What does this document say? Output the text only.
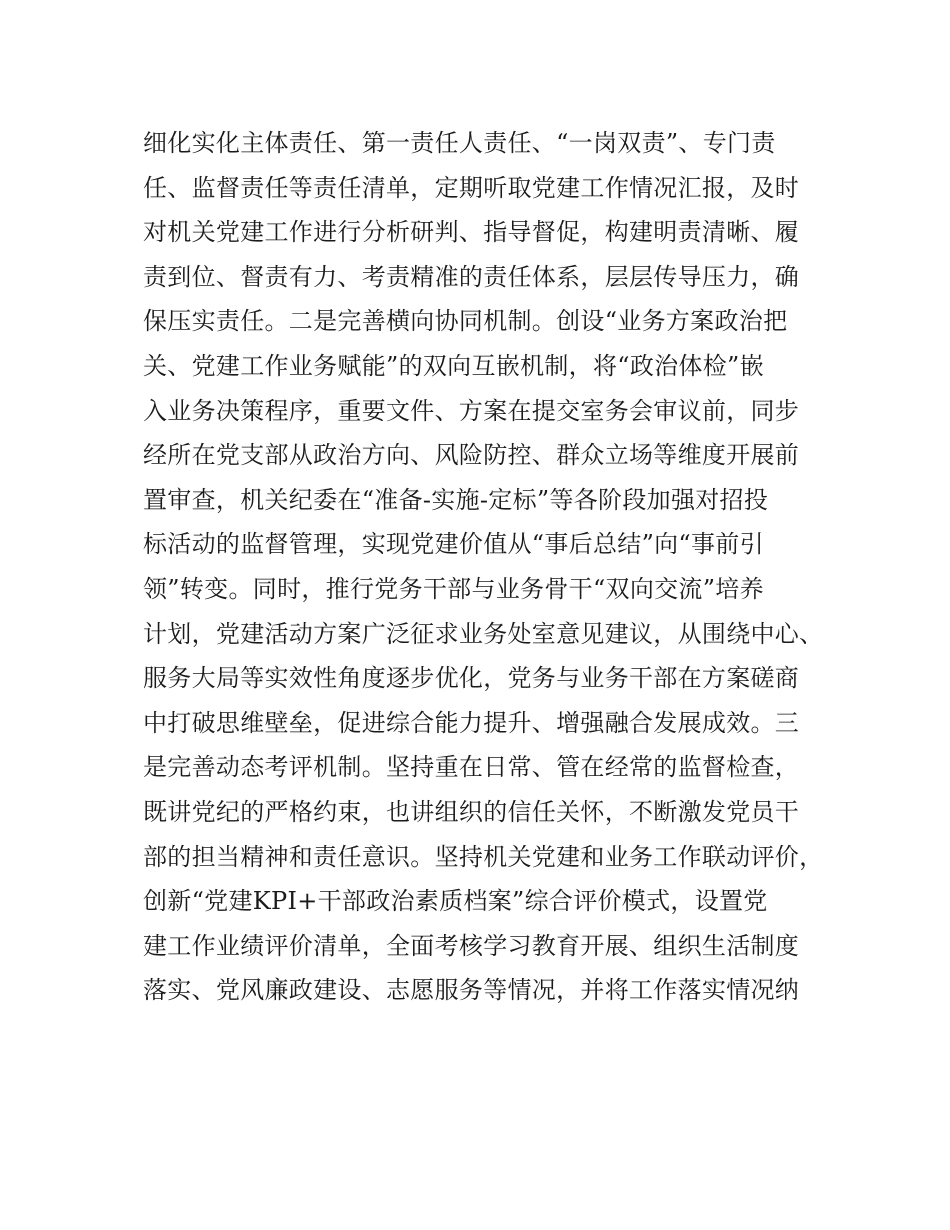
细化实化主体责任、第一责任人责任、“一岗双责”、专门责
任、监督责任等责任清单，定期听取党建工作情况汇报，及时
对机关党建工作进行分析研判、指导督促，构建明责清晰、履
责到位、督责有力、考责精准的责任体系，层层传导压力，确
保压实责任。二是完善横向协同机制。创设“业务方案政治把
关、党建工作业务赋能”的双向互嵌机制，将“政治体检”嵌
入业务决策程序，重要文件、方案在提交室务会审议前，同步
经所在党支部从政治方向、风险防控、群众立场等维度开展前
置审查，机关纪委在“准备-实施-定标”等各阶段加强对招投
标活动的监督管理，实现党建价值从“事后总结”向“事前引
领”转变。同时，推行党务干部与业务骨干“双向交流”培养
计划，党建活动方案广泛征求业务处室意见建议，从围绕中心、
服务大局等实效性角度逐步优化，党务与业务干部在方案磋商
中打破思维壁垒，促进综合能力提升、增强融合发展成效。三
是完善动态考评机制。坚持重在日常、管在经常的监督检查，
既讲党纪的严格约束，也讲组织的信任关怀，不断激发党员干
部的担当精神和责任意识。坚持机关党建和业务工作联动评价，
创新“党建KPI+干部政治素质档案”综合评价模式，设置党
建工作业绩评价清单，全面考核学习教育开展、组织生活制度
落实、党风廉政建设、志愿服务等情况，并将工作落实情况纳
